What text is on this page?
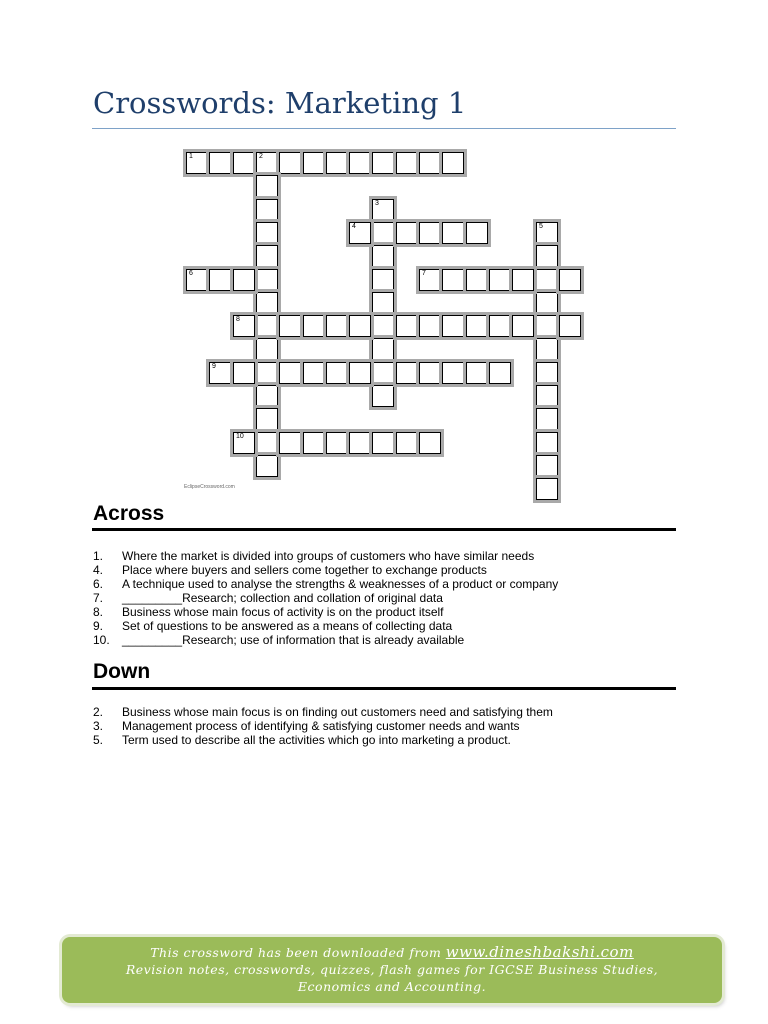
Crosswords: Marketing 1
1	2
3
4	5
6	7
8
9
10
EclipseCrossword.com
Across
1. Where the market is divided into groups of customers who have similar needs
4. Place where buyers and sellers come together to exchange products
6. A technique used to analyse the strengths & weaknesses of a product or company
7. _________Research; collection and collation of original data
8. Business whose main focus of activity is on the product itself
9. Set of questions to be answered as a means of collecting data
10. _________Research; use of information that is already available
Down
2. Business whose main focus is on finding out customers need and satisfying them
3. Management process of identifying & satisfying customer needs and wants
5. Term used to describe all the activities which go into marketing a product.
This crossword has been downloaded from www.dineshbakshi.com
Revision notes, crosswords, quizzes, flash games for IGCSE Business Studies,
Economics and Accounting.
